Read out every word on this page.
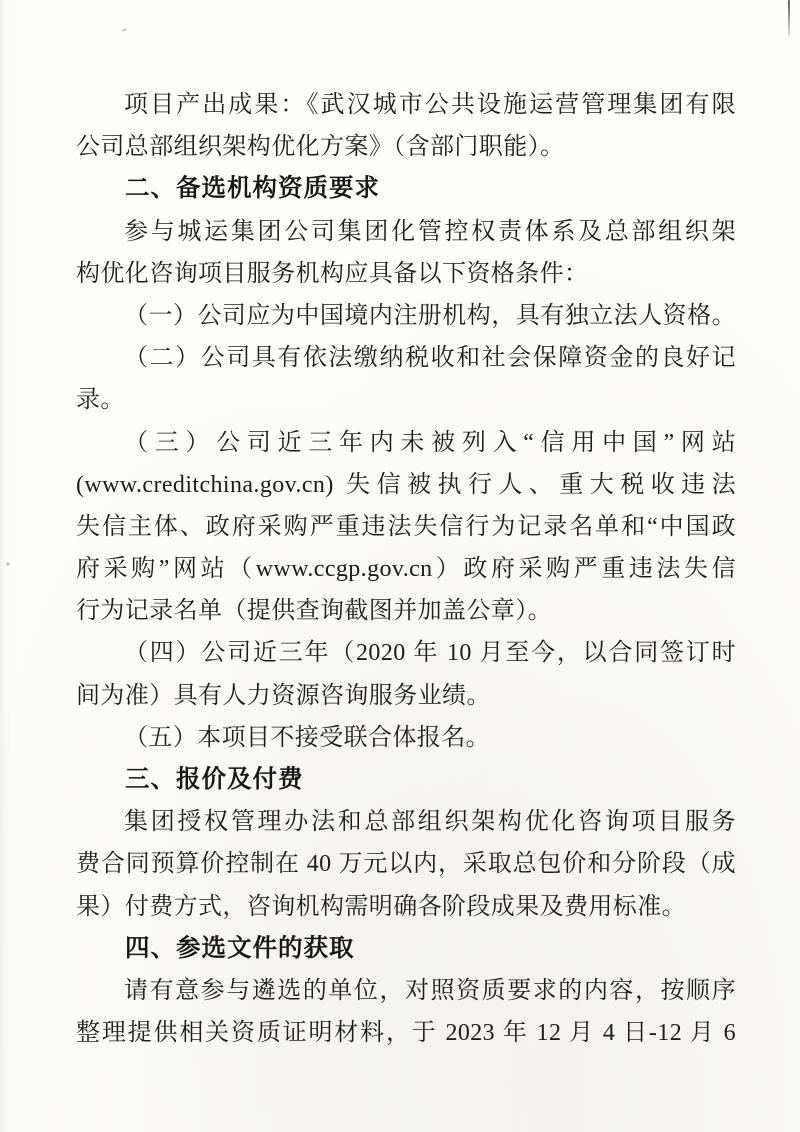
项目产出成果：《武汉城市公共设施运营管理集团有限
公司总部组织架构优化方案》（含部门职能）。
二、备选机构资质要求
参与城运集团公司集团化管控权责体系及总部组织架
构优化咨询项目服务机构应具备以下资格条件：
（一）公司应为中国境内注册机构，具有独立法人资格。
（二）公司具有依法缴纳税收和社会保障资金的良好记
录。
（三）公司近三年内未被列入“信用中国”网站
(www.creditchina.gov.cn) 失信被执行人、重大税收违法
失信主体、政府采购严重违法失信行为记录名单和“中国政
府采购”网站（www.ccgp.gov.cn）政府采购严重违法失信
行为记录名单（提供查询截图并加盖公章）。
（四）公司近三年（2020 年 10 月至今，以合同签订时
间为准）具有人力资源咨询服务业绩。
（五）本项目不接受联合体报名。
三、报价及付费
集团授权管理办法和总部组织架构优化咨询项目服务
费合同预算价控制在 40 万元以内，采取总包价和分阶段（成
果）付费方式，咨询机构需明确各阶段成果及费用标准。
四、参选文件的获取
请有意参与遴选的单位，对照资质要求的内容，按顺序
整理提供相关资质证明材料，于 2023 年 12 月 4 日-12 月 6
